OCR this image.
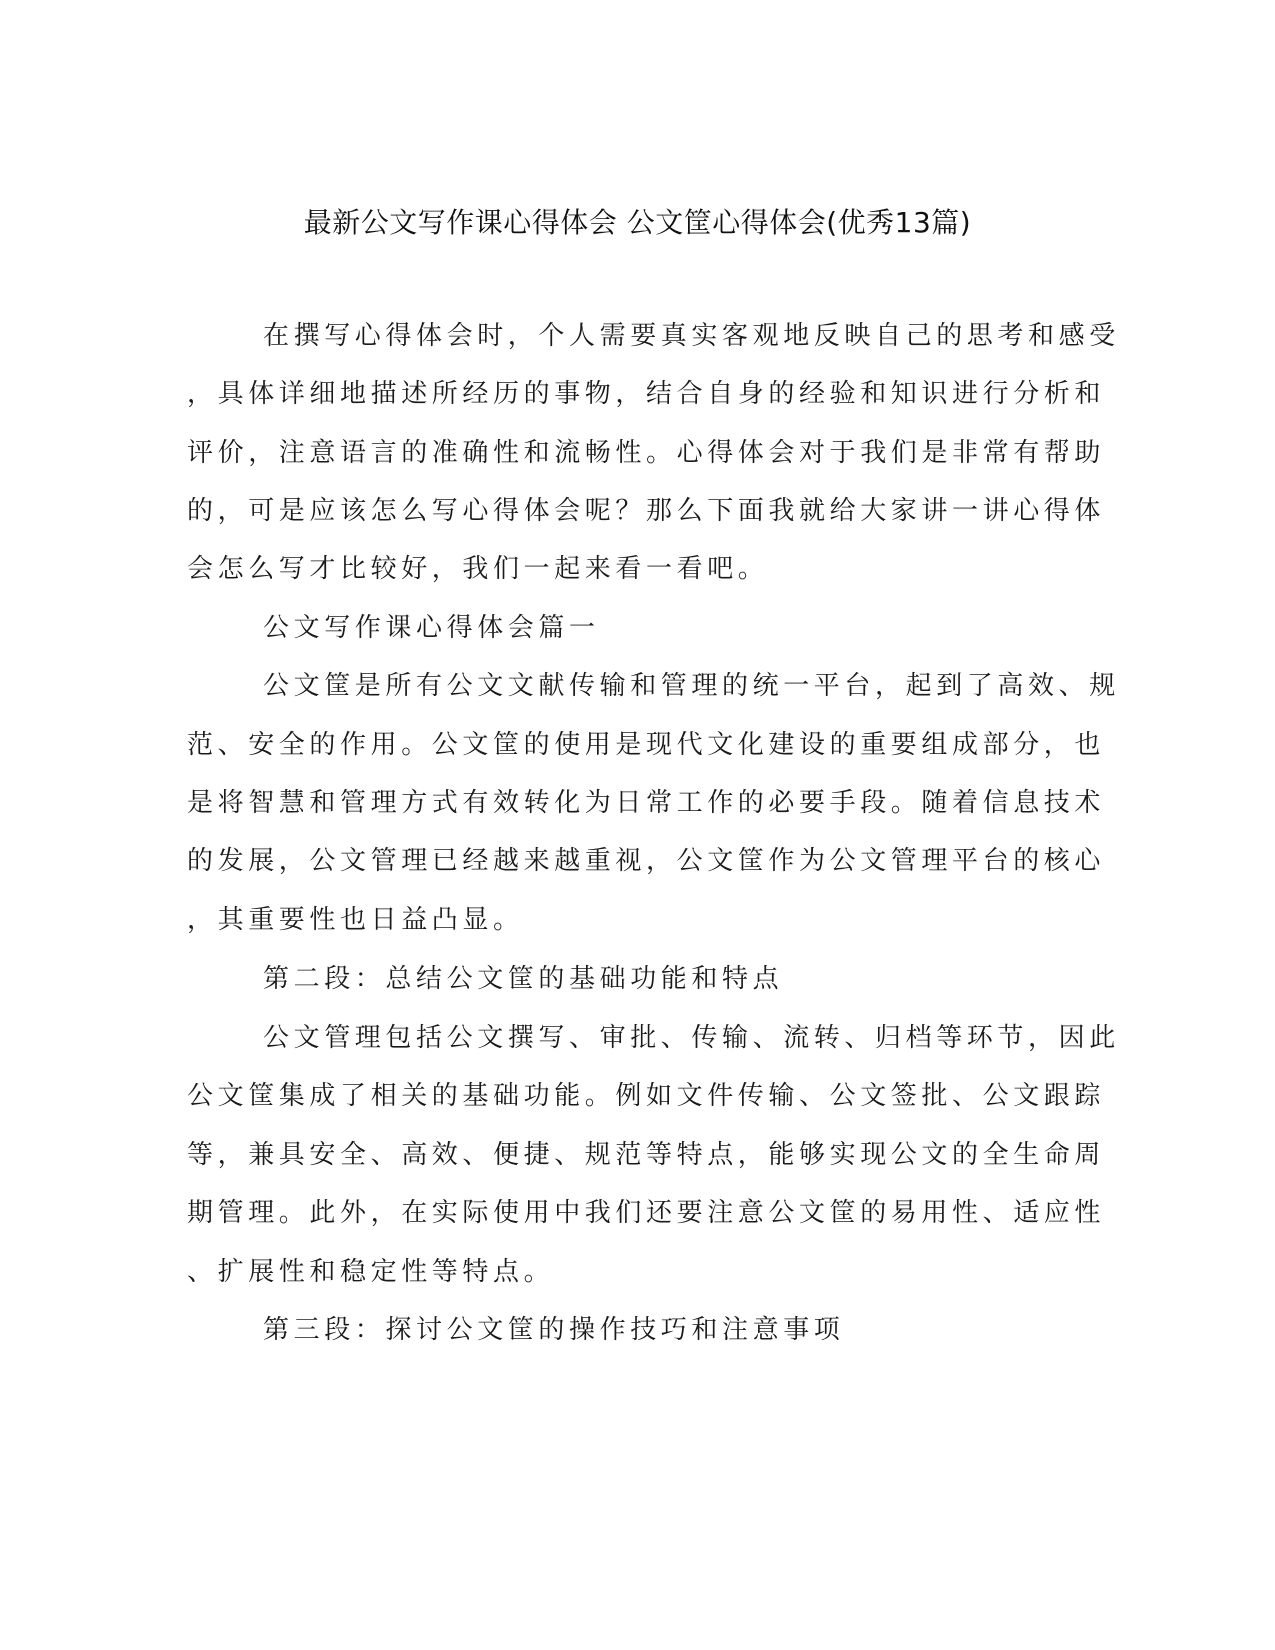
最新公文写作课心得体会 公文筐心得体会(优秀13篇)
在撰写心得体会时，个人需要真实客观地反映自己的思考和感受
，具体详细地描述所经历的事物，结合自身的经验和知识进行分析和
评价，注意语言的准确性和流畅性。心得体会对于我们是非常有帮助
的，可是应该怎么写心得体会呢？那么下面我就给大家讲一讲心得体
会怎么写才比较好，我们一起来看一看吧。
公文写作课心得体会篇一
公文筐是所有公文文献传输和管理的统一平台，起到了高效、规
范、安全的作用。公文筐的使用是现代文化建设的重要组成部分，也
是将智慧和管理方式有效转化为日常工作的必要手段。随着信息技术
的发展，公文管理已经越来越重视，公文筐作为公文管理平台的核心
，其重要性也日益凸显。
第二段：总结公文筐的基础功能和特点
公文管理包括公文撰写、审批、传输、流转、归档等环节，因此
公文筐集成了相关的基础功能。例如文件传输、公文签批、公文跟踪
等，兼具安全、高效、便捷、规范等特点，能够实现公文的全生命周
期管理。此外，在实际使用中我们还要注意公文筐的易用性、适应性
、扩展性和稳定性等特点。
第三段：探讨公文筐的操作技巧和注意事项
